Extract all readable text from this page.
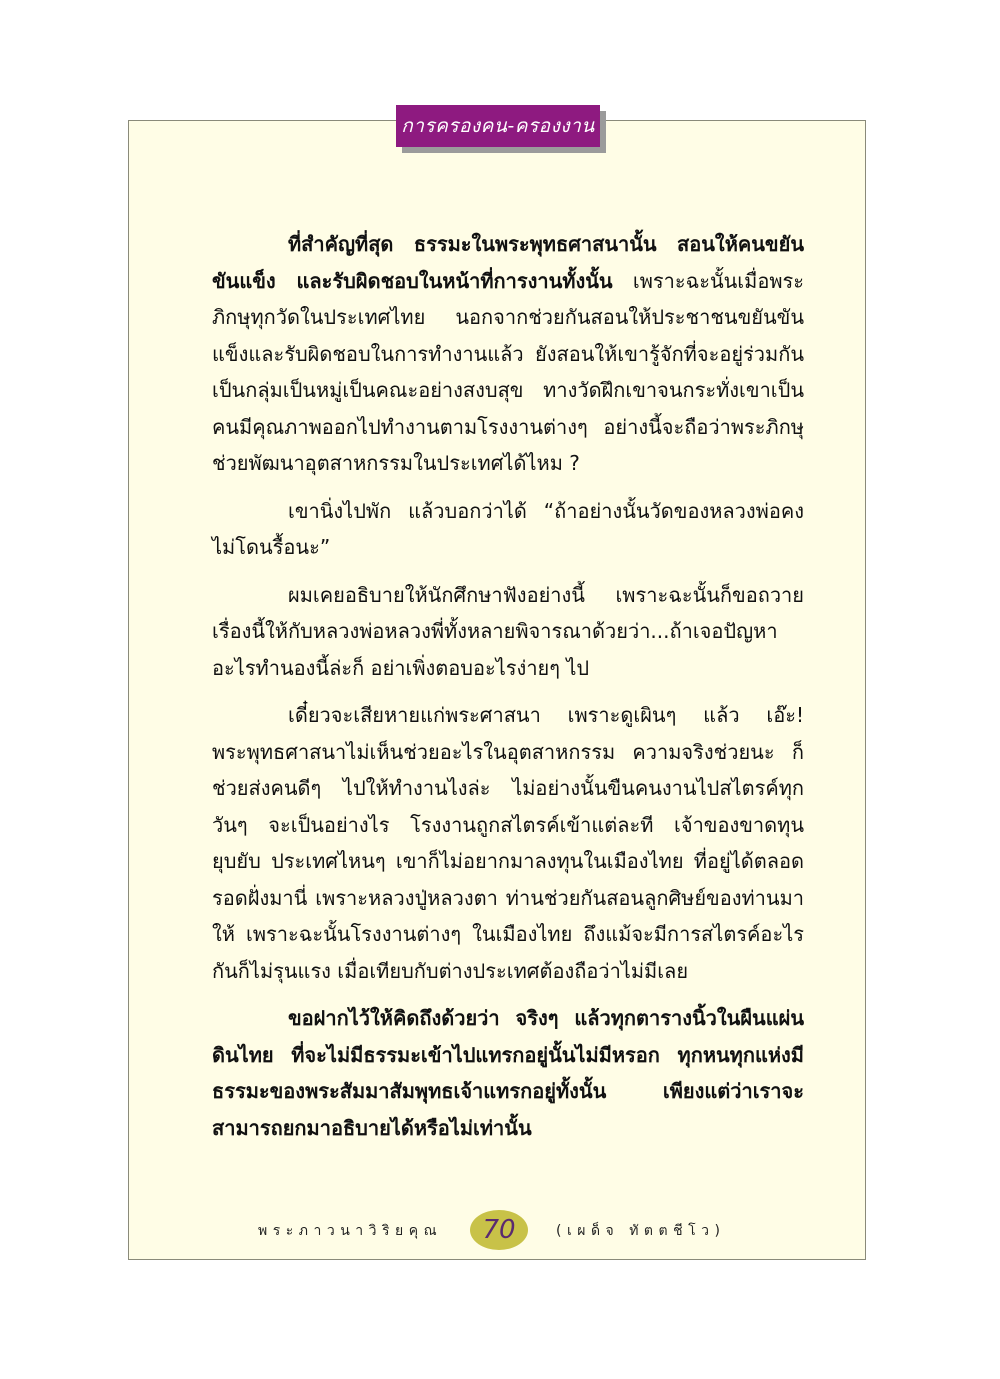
การครองคน-ครองงาน

ที่สำคัญที่สุด ธรรมะในพระพุทธศาสนานั้น สอนให้คนขยันขันแข็ง และรับผิดชอบในหน้าที่การงานทั้งนั้น เพราะฉะนั้นเมื่อพระภิกษุทุกวัดในประเทศไทย นอกจากช่วยกันสอนให้ประชาชนขยันขันแข็งและรับผิดชอบในการทำงานแล้ว ยังสอนให้เขารู้จักที่จะอยู่ร่วมกันเป็นกลุ่มเป็นหมู่เป็นคณะอย่างสงบสุข ทางวัดฝึกเขาจนกระทั่งเขาเป็นคนมีคุณภาพออกไปทำงานตามโรงงานต่างๆ อย่างนี้จะถือว่าพระภิกษุช่วยพัฒนาอุตสาหกรรมในประเทศได้ไหม ?

เขานิ่งไปพัก แล้วบอกว่าได้ “ถ้าอย่างนั้นวัดของหลวงพ่อคงไม่โดนรื้อนะ”

ผมเคยอธิบายให้นักศึกษาฟังอย่างนี้ เพราะฉะนั้นก็ขอถวายเรื่องนี้ให้กับหลวงพ่อหลวงพี่ทั้งหลายพิจารณาด้วยว่า...ถ้าเจอปัญหาอะไรทำนองนี้ล่ะก็ อย่าเพิ่งตอบอะไรง่ายๆ ไป

เดี๋ยวจะเสียหายแก่พระศาสนา เพราะดูเผินๆ แล้ว เอ๊ะ! พระพุทธศาสนาไม่เห็นช่วยอะไรในอุตสาหกรรม ความจริงช่วยนะ ก็ช่วยส่งคนดีๆ ไปให้ทำงานไงล่ะ ไม่อย่างนั้นขืนคนงานไปสไตรค์ทุกวันๆ จะเป็นอย่างไร โรงงานถูกสไตรค์เข้าแต่ละที เจ้าของขาดทุนยุบยับ ประเทศไหนๆ เขาก็ไม่อยากมาลงทุนในเมืองไทย ที่อยู่ได้ตลอดรอดฝั่งมานี่ เพราะหลวงปู่หลวงตา ท่านช่วยกันสอนลูกศิษย์ของท่านมาให้ เพราะฉะนั้นโรงงานต่างๆ ในเมืองไทย ถึงแม้จะมีการสไตรค์อะไรกันก็ไม่รุนแรง เมื่อเทียบกับต่างประเทศต้องถือว่าไม่มีเลย

ขอฝากไว้ให้คิดถึงด้วยว่า จริงๆ แล้วทุกตารางนิ้วในผืนแผ่นดินไทย ที่จะไม่มีธรรมะเข้าไปแทรกอยู่นั้นไม่มีหรอก ทุกหนทุกแห่งมีธรรมะของพระสัมมาสัมพุทธเจ้าแทรกอยู่ทั้งนั้น เพียงแต่ว่าเราจะสามารถยกมาอธิบายได้หรือไม่เท่านั้น

พระภาวนาวิริยคุณ 70	(เผด็จ ทัตตชีโว)
